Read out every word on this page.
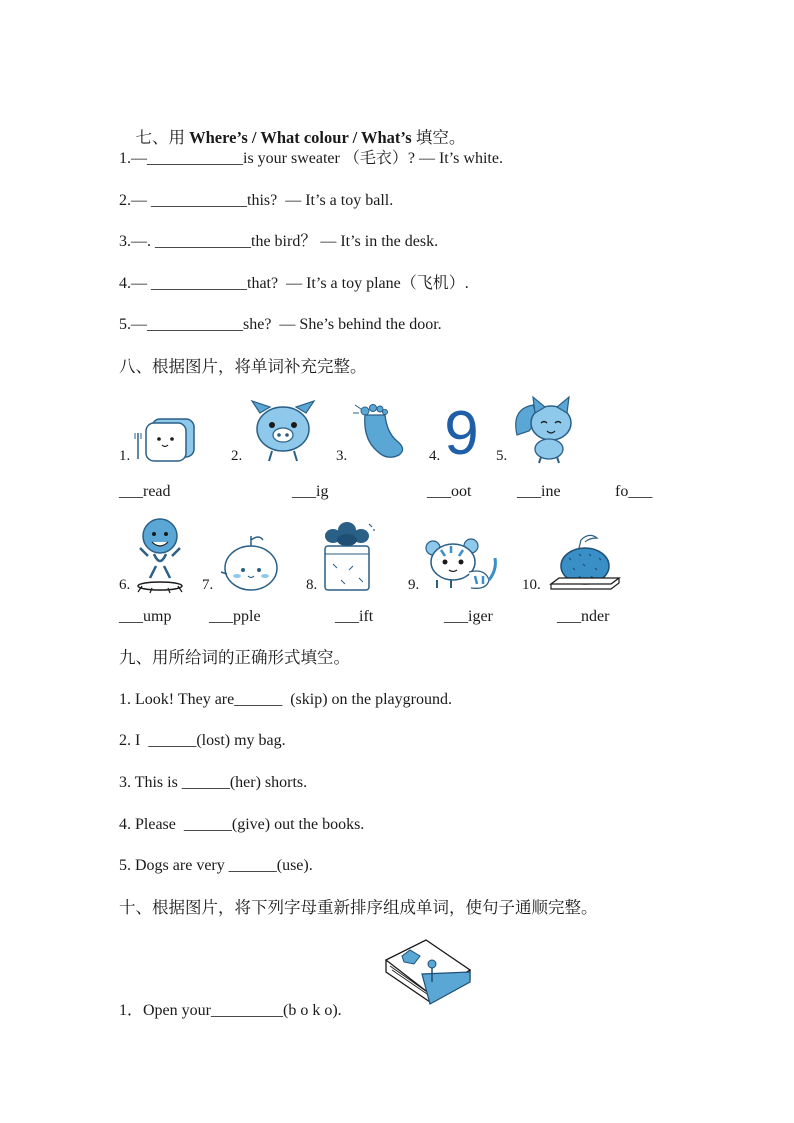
七、用 Where’s / What colour / What’s 填空。

1.—____________is your sweater （毛衣）? — It’s white.
2.— ____________this?  — It’s a toy ball.
3.—. ____________the bird？ — It’s in the desk.
4.— ____________that?  — It’s a toy plane（飞机）.
5.—____________she?  — She’s behind the door.
八、根据图片，将单词补充完整。
1.	2.	3.	4. 9 5.
___read	___ig	___oot	___ine	fo___
6.	7.	8.	9.	10.
___ump ___pple	___ift	___iger	___nder
九、用所给词的正确形式填空。
1. Look! They are______  (skip) on the playground.
2. I  ______(lost) my bag.
3. This is ______(her) shorts.
4. Please  ______(give) out the books.
5. Dogs are very ______(use).
十、根据图片，将下列字母重新排序组成单词，使句子通顺完整。
1．Open your_________(b o k o).
